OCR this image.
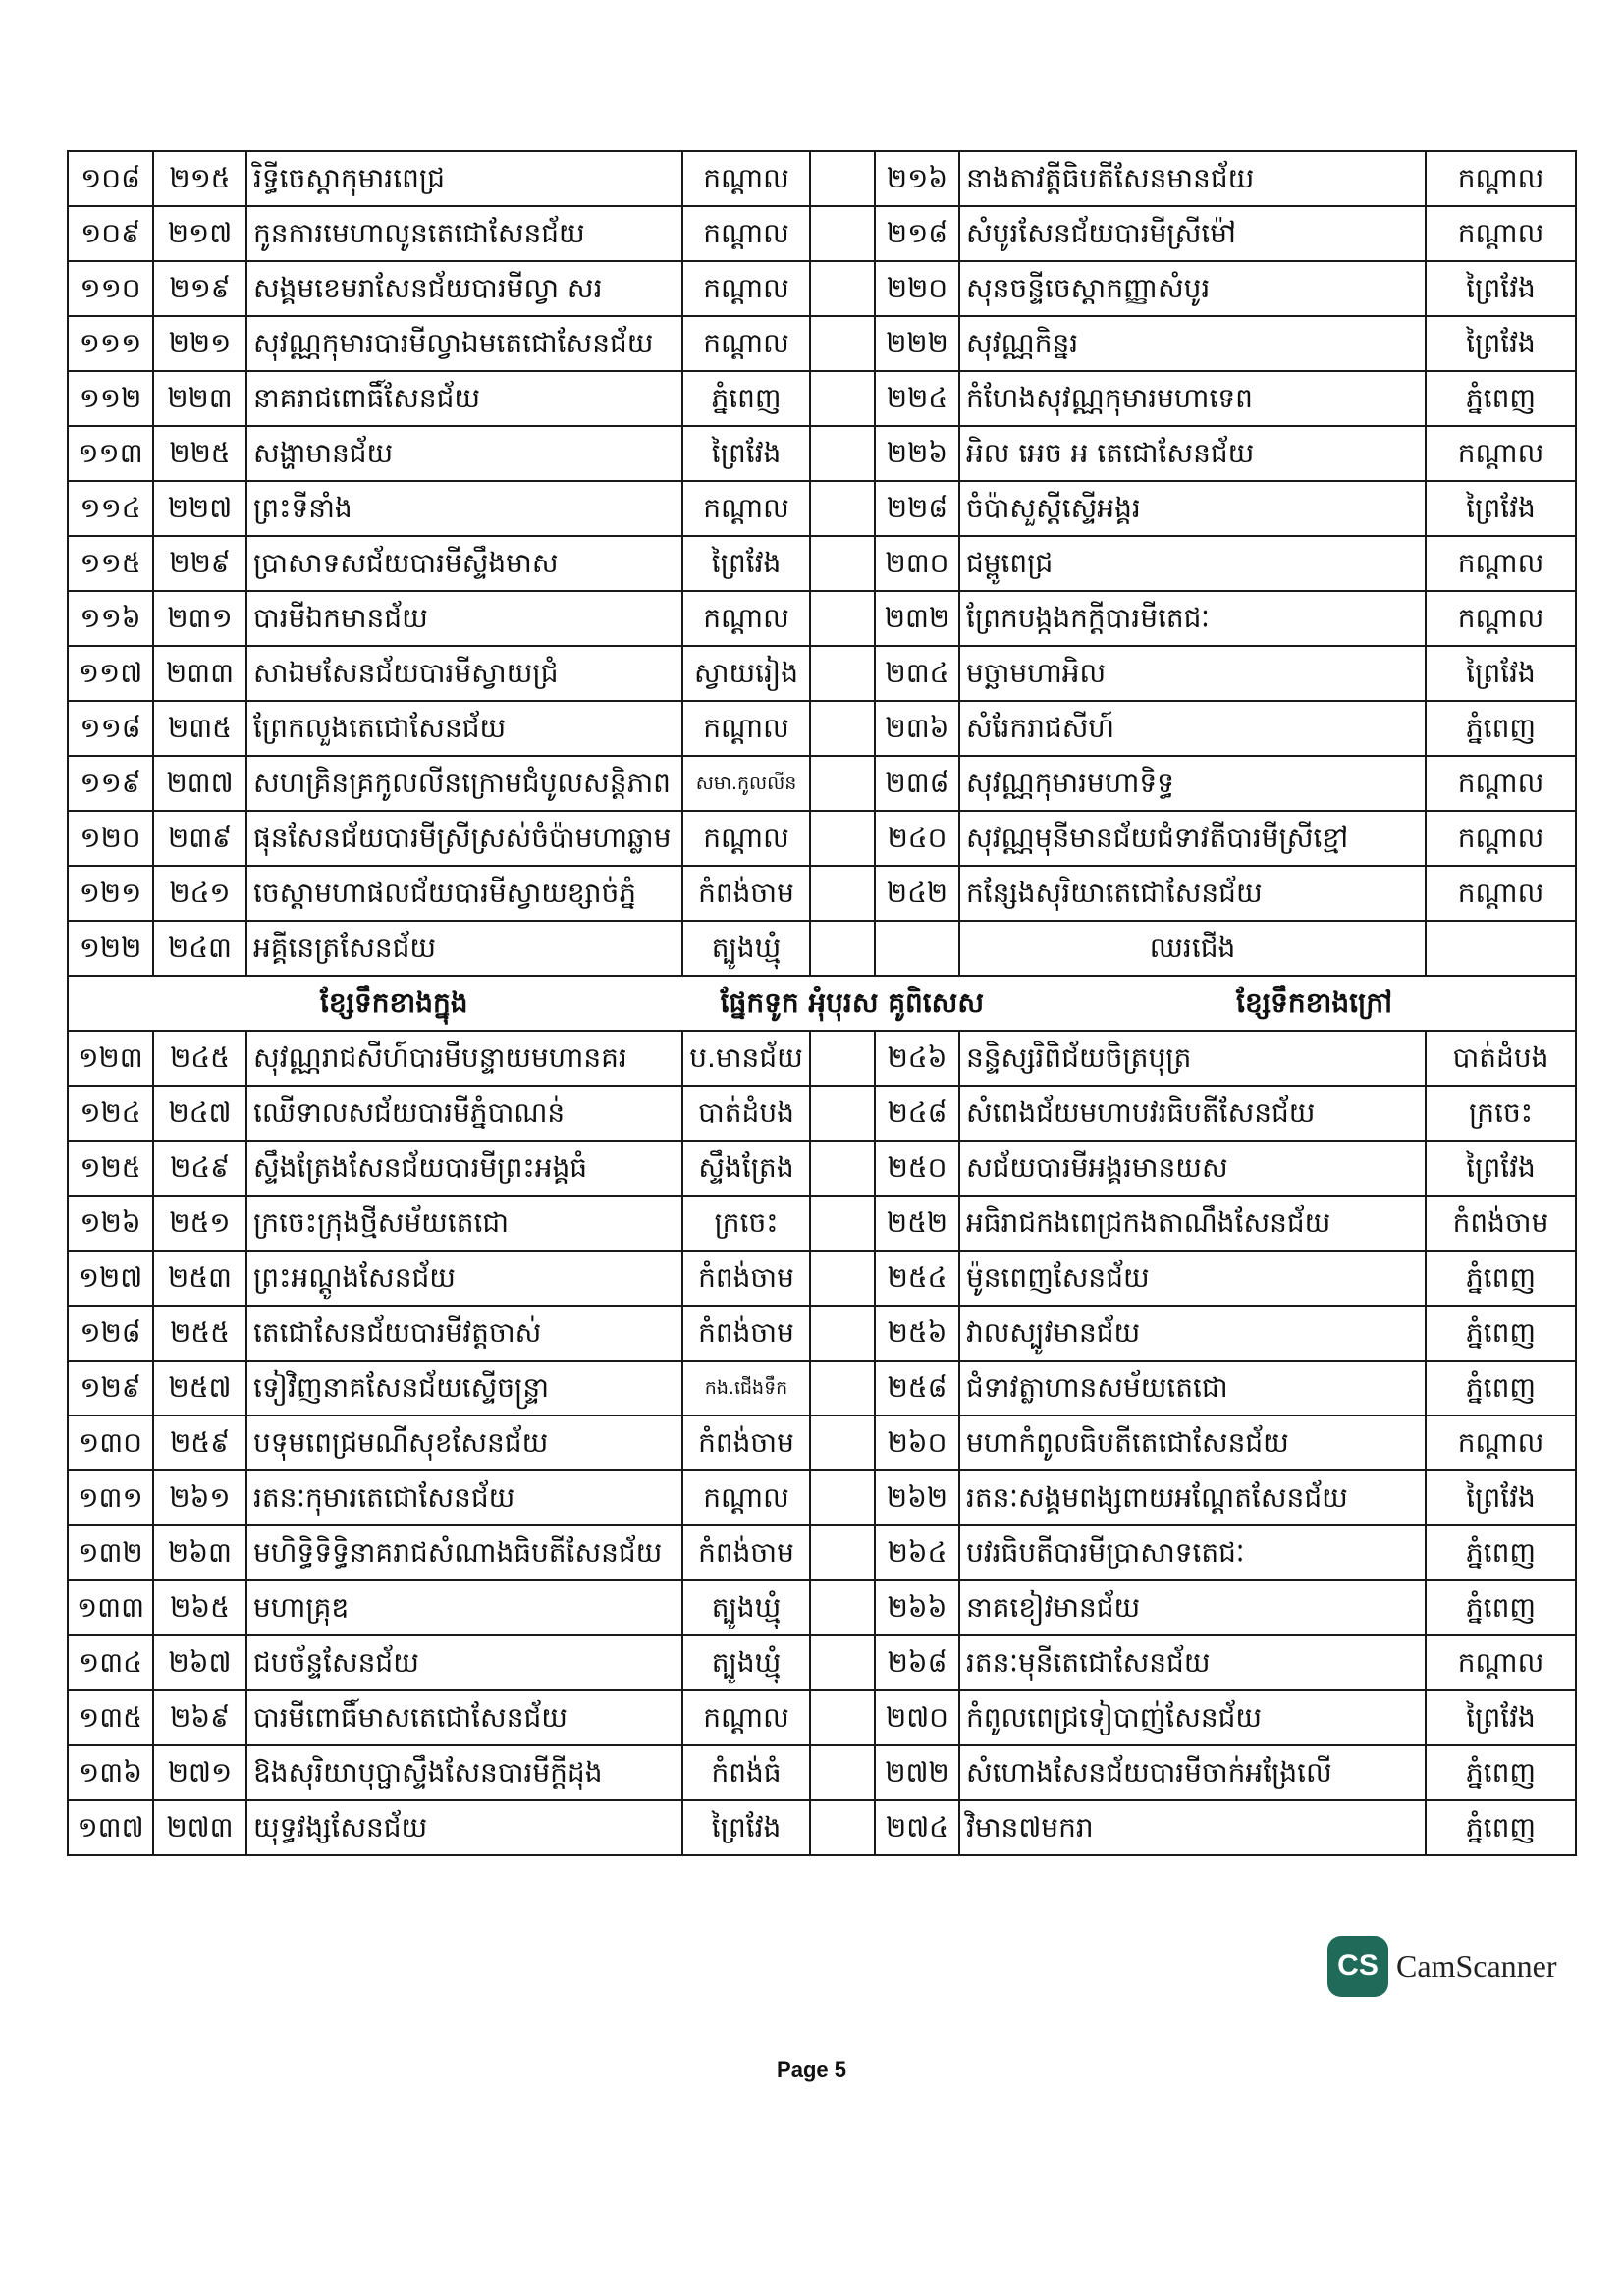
១០៨	២១៥	រិទ្ធីចេស្តាកុមារពេជ្រ	កណ្តាល		២១៦	នាងតាវត្តីធិបតីសែនមានជ័យ	កណ្តាល
១០៩	២១៧	កូនការមេហាលូនតេជោសែនជ័យ	កណ្តាល		២១៨	សំបូរសែនជ័យបារមីស្រីម៉ៅ	កណ្តាល
១១០	២១៩	សង្គមខេមរាសែនជ័យបារមីល្វា សរ	កណ្តាល		២២០	សុនចន្ទីចេស្តាកញ្ញាសំបូរ	ព្រៃវែង
១១១	២២១	សុវណ្ណកុមារបារមីល្វាឯមតេជោសែនជ័យ	កណ្តាល		២២២	សុវណ្ណកិន្នរ	ព្រៃវែង
១១២	២២៣	នាគរាជពោធិ៍សែនជ័យ	ភ្នំពេញ		២២៤	កំហែងសុវណ្ណកុមារមហាទេព	ភ្នំពេញ
១១៣	២២៥	សង្ហាមានជ័យ	ព្រៃវែង		២២៦	អិល អេច អ តេជោសែនជ័យ	កណ្តាល
១១៤	២២៧	ព្រះទីនាំង	កណ្តាល		២២៨	ចំប៉ាសួស្តីស្ទើអង្គរ	ព្រៃវែង
១១៥	២២៩	ប្រាសាទសជ័យបារមីស្ទឹងមាស	ព្រៃវែង		២៣០	ជម្ពូពេជ្រ	កណ្តាល
១១៦	២៣១	បារមីឯកមានជ័យ	កណ្តាល		២៣២	ព្រែកបង្កងកក្តីបារមីតេជៈ	កណ្តាល
១១៧	២៣៣	សាឯមសែនជ័យបារមីស្វាយជ្រំ	ស្វាយរៀង		២៣៤	មច្ឆាមហាអិល	ព្រៃវែង
១១៨	២៣៥	ព្រែកលួងតេជោសែនជ័យ	កណ្តាល		២៣៦	សំរែករាជសីហ៍	ភ្នំពេញ
១១៩	២៣៧	សហគ្រិនគ្រកូលលីនក្រោមជំបូលសន្តិភាព	សមា.កូលលីន		២៣៨	សុវណ្ណកុមារមហាទិទ្ធ	កណ្តាល
១២០	២៣៩	ផុនសែនជ័យបារមីស្រីស្រស់ចំប៉ាមហាឆ្លាម	កណ្តាល		២៤០	សុវណ្ណមុនីមានជ័យជំទាវតីបារមីស្រីខ្មៅ	កណ្តាល
១២១	២៤១	ចេស្តាមហាផលជ័យបារមីស្វាយខ្សាច់ភ្នំ	កំពង់ចាម		២៤២	កន្សែងសុរិយាតេជោសែនជ័យ	កណ្តាល
១២២	២៤៣	អគ្គីនេត្រសែនជ័យ	ត្បូងឃ្មុំ			ឈរជើង	

ខ្សែទឹកខាងក្នុង ផ្នែកទូក អុំបុរស គូពិសេស ខ្សែទឹកខាងក្រៅ							

១២៣	២៤៥	សុវណ្ណរាជសីហ៍បារមីបន្ទាយមហានគរ	ប.មានជ័យ		២៤៦	នន្ទិស្សរិពិជ័យចិត្របុត្រ	បាត់ដំបង
១២៤	២៤៧	ឈើទាលសជ័យបារមីភ្នំបាណន់	បាត់ដំបង		២៤៨	សំពេងជ័យមហាបវរធិបតីសែនជ័យ	ក្រចេះ
១២៥	២៤៩	ស្ទឹងត្រែងសែនជ័យបារមីព្រះអង្គធំ	ស្ទឹងត្រែង		២៥០	សជ័យបារមីអង្គរមានយស	ព្រៃវែង
១២៦	២៥១	ក្រចេះក្រុងថ្មីសម័យតេជោ	ក្រចេះ		២៥២	អធិរាជកងពេជ្រកងតាណឹងសែនជ័យ	កំពង់ចាម
១២៧	២៥៣	ព្រះអណ្តូងសែនជ័យ	កំពង់ចាម		២៥៤	ម៉ូនពេញសែនជ័យ	ភ្នំពេញ
១២៨	២៥៥	តេជោសែនជ័យបារមីវត្តចាស់	កំពង់ចាម		២៥៦	វាលស្បូវមានជ័យ	ភ្នំពេញ
១២៩	២៥៧	ទៀវិញនាគសែនជ័យស្ទើចន្ទ្រា	កង.ជើងទឹក		២៥៨	ជំទាវត្លាហានសម័យតេជោ	ភ្នំពេញ
១៣០	២៥៩	បទុមពេជ្រមណីសុខសែនជ័យ	កំពង់ចាម		២៦០	មហាកំពូលធិបតីតេជោសែនជ័យ	កណ្តាល
១៣១	២៦១	រតនៈកុមារតេជោសែនជ័យ	កណ្តាល		២៦២	រតនៈសង្គមពង្សពាយអណ្តែតសែនជ័យ	ព្រៃវែង
១៣២	២៦៣	មហិទ្ធិទិទ្ធិនាគរាជសំណាងធិបតីសែនជ័យ	កំពង់ចាម		២៦៤	បវរធិបតីបារមីប្រាសាទតេជៈ	ភ្នំពេញ
១៣៣	២៦៥	មហាគ្រុឌ	ត្បូងឃ្មុំ		២៦៦	នាគខៀវមានជ័យ	ភ្នំពេញ
១៣៤	២៦៧	ជបច័ន្ទសែនជ័យ	ត្បូងឃ្មុំ		២៦៨	រតនៈមុនីតេជោសែនជ័យ	កណ្តាល
១៣៥	២៦៩	បារមីពោធិ៍មាសតេជោសែនជ័យ	កណ្តាល		២៧០	កំពូលពេជ្រទៀបាញ់សែនជ័យ	ព្រៃវែង
១៣៦	២៧១	ឱងសុរិយាបុប្ផាស្ទឹងសែនបារមីក្តីដុង	កំពង់ធំ		២៧២	សំហោងសែនជ័យបារមីចាក់អង្រែលើ	ភ្នំពេញ
១៣៧	២៧៣	យុទ្ធវង្សសែនជ័យ	ព្រៃវែង		២៧៤	វិមាន៧មករា	ភ្នំពេញ
Page 5
CS CamScanner
